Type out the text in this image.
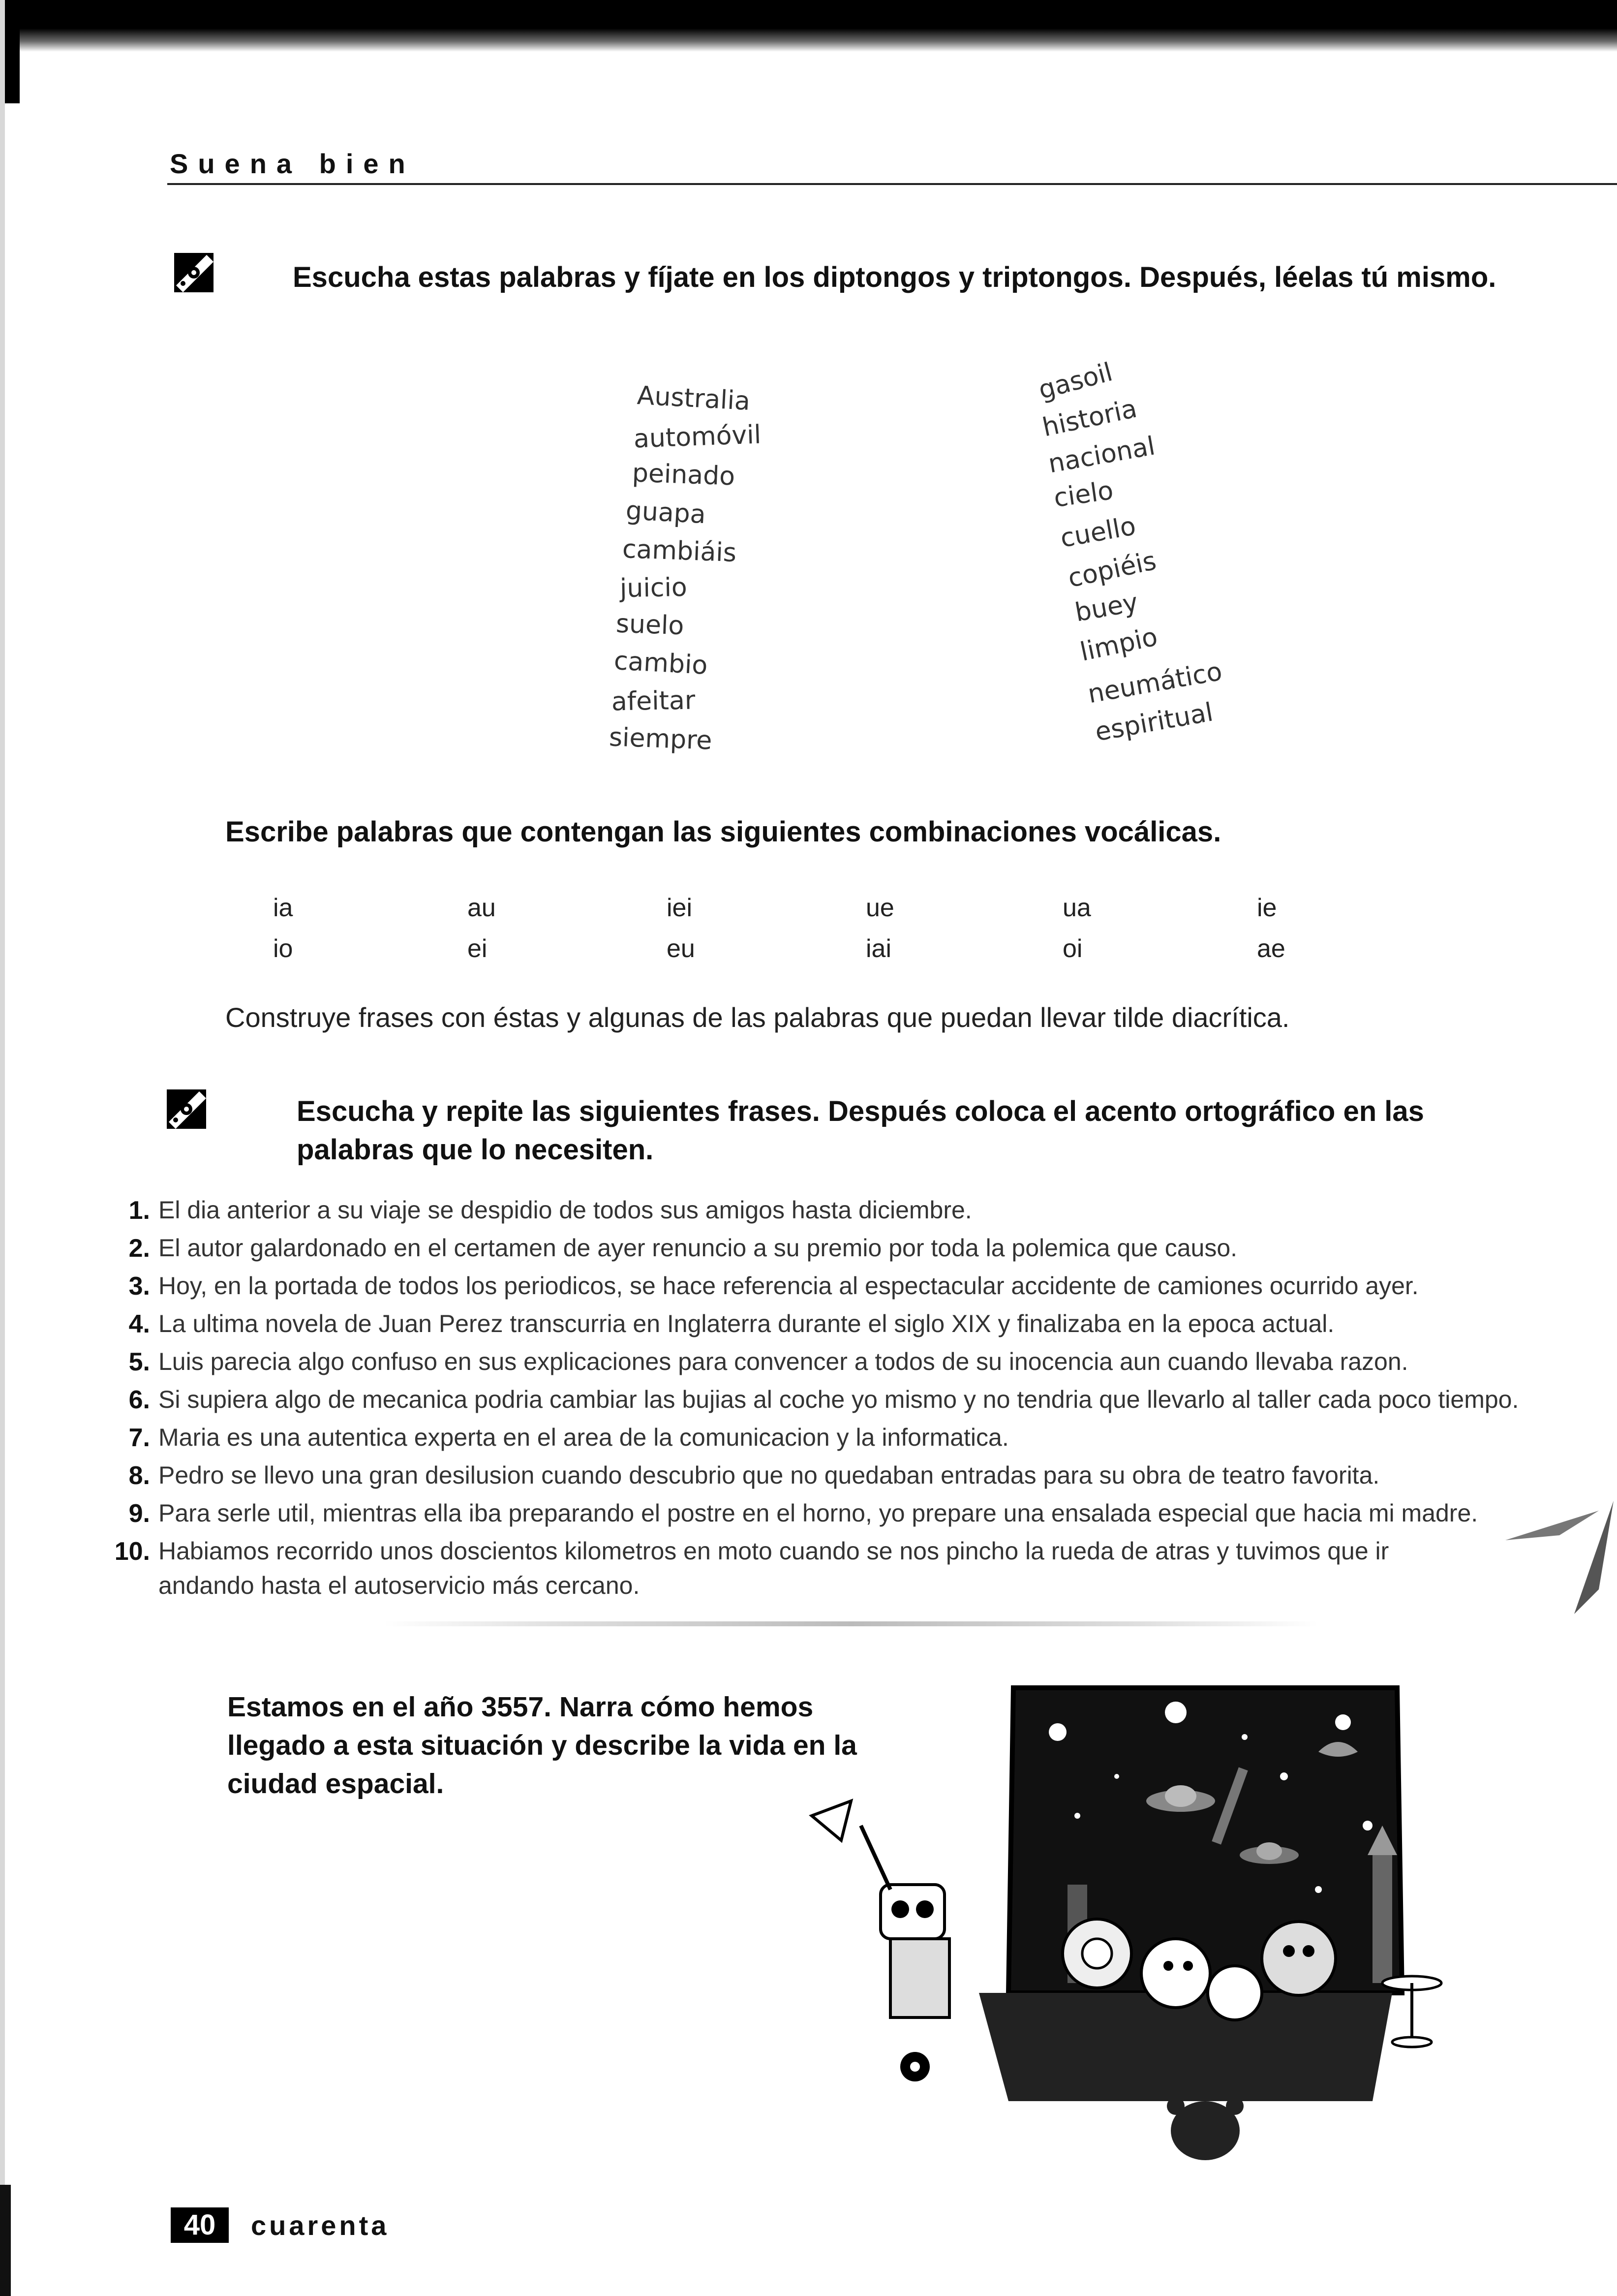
Suena bien
Escucha estas palabras y fíjate en los diptongos y triptongos. Después, léelas tú mismo.
Australia
automóvil
peinado
guapa
cambiáis
juicio
suelo
cambio
afeitar
siempre
gasoil
historia
nacional
cielo
cuello
copiéis
buey
limpio
neumático
espiritual
Escribe palabras que contengan las siguientes combinaciones vocálicas.
ia	au	iei	ue	ua	ie
io	ei	eu	iai	oi	ae
Construye frases con éstas y algunas de las palabras que puedan llevar tilde diacrítica.
Escucha y repite las siguientes frases. Después coloca el acento ortográfico en las
palabras que lo necesiten.
1. El dia anterior a su viaje se despidio de todos sus amigos hasta diciembre.
2. El autor galardonado en el certamen de ayer renuncio a su premio por toda la polemica que causo.
3. Hoy, en la portada de todos los periodicos, se hace referencia al espectacular accidente de camiones ocurrido ayer.
4. La ultima novela de Juan Perez transcurria en Inglaterra durante el siglo XIX y finalizaba en la epoca actual.
5. Luis parecia algo confuso en sus explicaciones para convencer a todos de su inocencia aun cuando llevaba razon.
6. Si supiera algo de mecanica podria cambiar las bujias al coche yo mismo y no tendria que llevarlo al taller cada poco tiempo.
7. Maria es una autentica experta en el area de la comunicacion y la informatica.
8. Pedro se llevo una gran desilusion cuando descubrio que no quedaban entradas para su obra de teatro favorita.
9. Para serle util, mientras ella iba preparando el postre en el horno, yo prepare una ensalada especial que hacia mi madre.
10. Habiamos recorrido unos doscientos kilometros en moto cuando se nos pincho la rueda de atras y tuvimos que ir
andando hasta el autoservicio más cercano.
Estamos en el año 3557. Narra cómo hemos
llegado a esta situación y describe la vida en la
ciudad espacial.
40	cuarenta
